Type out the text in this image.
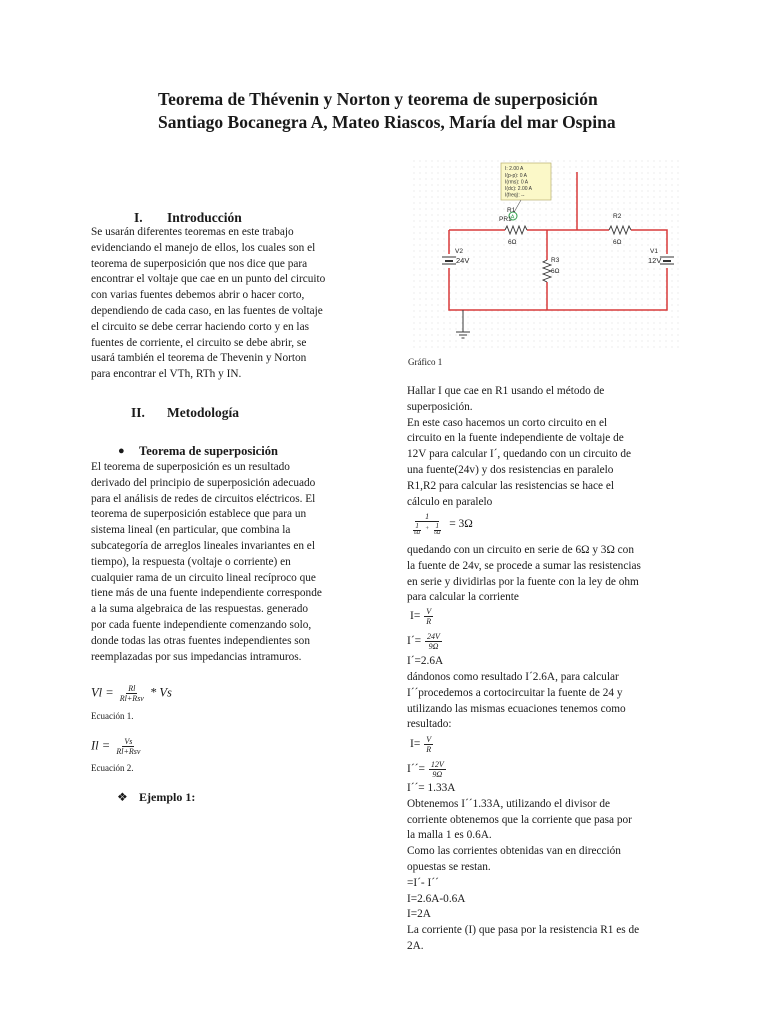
Teorema de Thévenin y Norton y teorema de superposición
Santiago Bocanegra A, Mateo Riascos, María del mar Ospina
I. Introducción

Se usarán diferentes teoremas en este trabajo

evidenciando el manejo de ellos, los cuales son el

teorema de superposición que nos dice que para

encontrar el voltaje que cae en un punto del circuito

con varias fuentes debemos abrir o hacer corto,

dependiendo de cada caso, en las fuentes de voltaje

el circuito se debe cerrar haciendo corto y en las

fuentes de corriente, el circuito se debe abrir, se

usará también el teorema de Thevenin y Norton

para encontrar el VTh, RTh y IN.

II. Metodología
● Teorema de superposición

El teorema de superposición es un resultado

derivado del principio de superposición adecuado

para el análisis de redes de circuitos eléctricos. El

teorema de superposición establece que para un

sistema lineal (en particular, que combina la

subcategoría de arreglos lineales invariantes en el

tiempo), la respuesta (voltaje o corriente) en

cualquier rama de un circuito lineal recíproco que

tiene más de una fuente independiente corresponde

a la suma algebraica de las respuestas. generado

por cada fuente independiente comenzando solo,

donde todas las otras fuentes independientes son

reemplazadas por sus impedancias intramuros.

$Vl = \frac{Rl}{\text{Rl+Rsv}} * Vs$
Ecuación 1.
$Il = \frac{Vs}{\text{Rl+Rsv}}$
Ecuación 2.
❖ Ejemplo 1:
I: 2.00 A
I(p-p): 0 A
I(rms): 0 A
I(dc): 2.00 A
I(freq): --
A
R1
PR1
6Ω
R2
6Ω
R3
6Ω
V2
24V
V1
12V
Gráfico 1

Hallar I que cae en R1 usando el método de

superposición.

En este caso hacemos un corto circuito en el

circuito en la fuente independiente de voltaje de

12V para calcular I´, quedando con un circuito de

una fuente(24v) y dos resistencias en paralelo

R1,R2 para calcular las resistencias se hace el

cálculo en paralelo

$\frac{1}{\frac{1}{6\Omega} + \frac{1}{6\Omega}} = 3\Omega$

quedando con un circuito en serie de 6Ω y 3Ω con

la fuente de 24v, se procede a sumar las resistencias

en serie y dividirlas por la fuente con la ley de ohm

para calcular la corriente

$I= \frac{V}{R}$
I´= $\frac{24V}{9\Omega}$
I´=2.6A

dándonos como resultado I´2.6A, para calcular

I´´procedemos a cortocircuitar la fuente de 24 y

utilizando las mismas ecuaciones tenemos como

resultado:

$I= \frac{V}{R}$
I´´= $\frac{12V}{9\Omega}$

I´´= 1.33A

Obtenemos I´´1.33A, utilizando el divisor de

corriente obtenemos que la corriente que pasa por

la malla 1 es 0.6A.

Como las corrientes obtenidas van en dirección

opuestas se restan.

=I´- I´´

I=2.6A-0.6A

I=2A

La corriente (I) que pasa por la resistencia R1 es de

2A.
